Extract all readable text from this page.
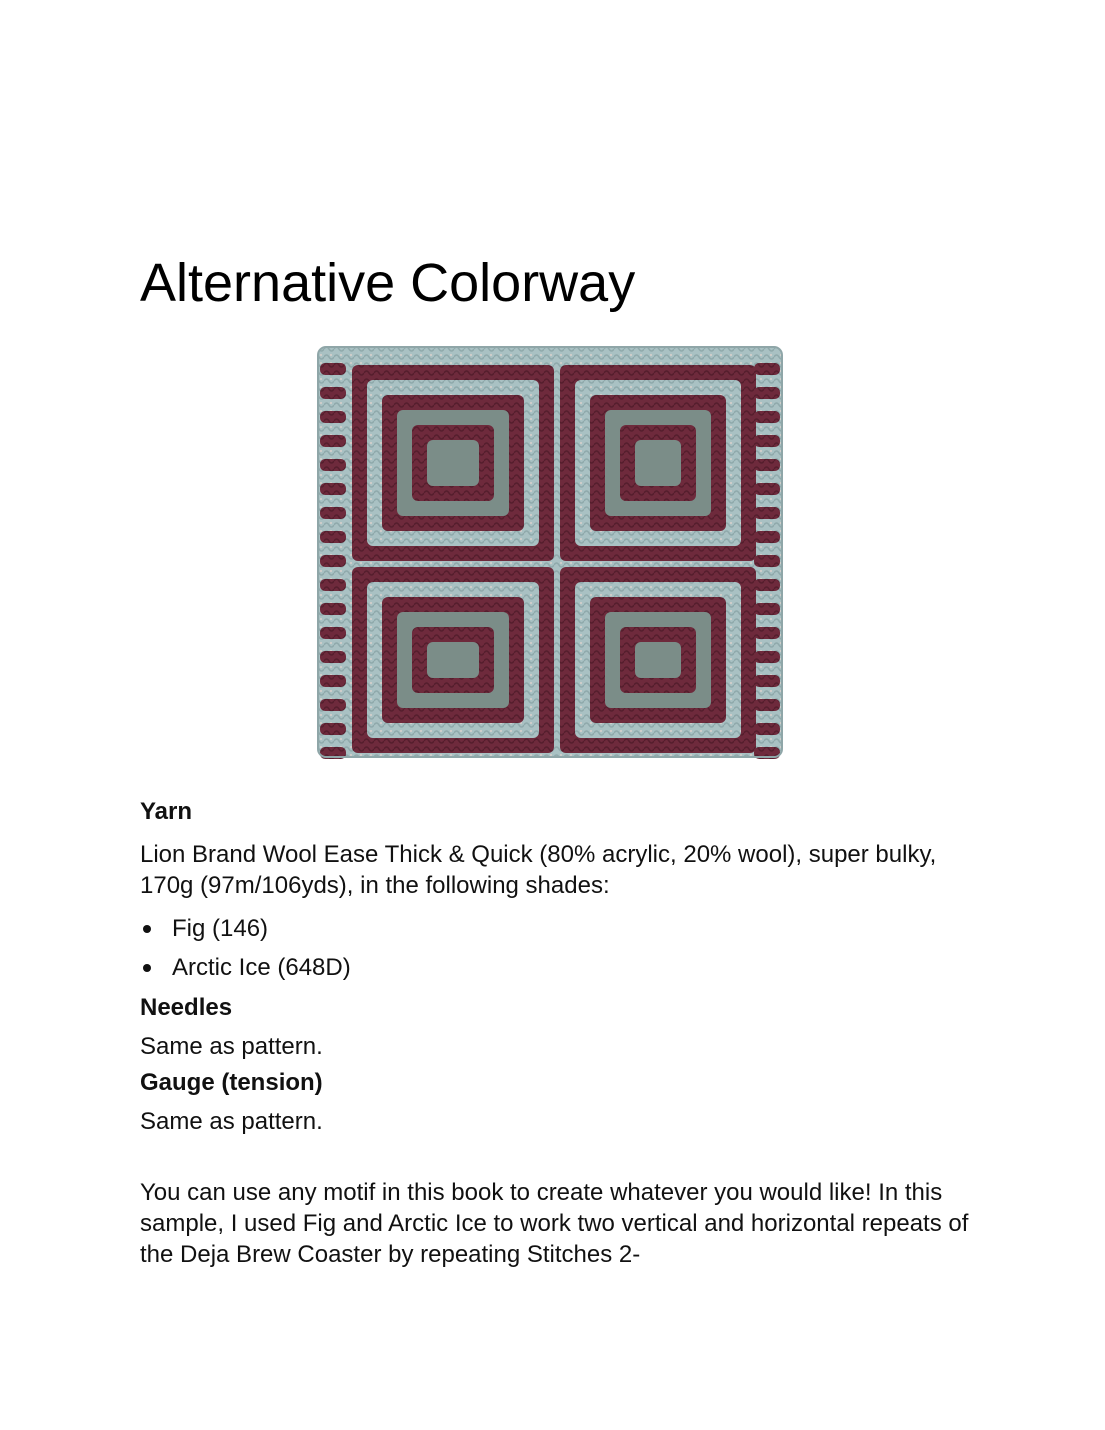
Alternative Colorway

Yarn

Lion Brand Wool Ease Thick & Quick (80% acrylic, 20% wool), super bulky, 170g (97m/106yds), in the following shades:

Fig (146)
Arctic Ice (648D)

Needles

Same as pattern.

Gauge (tension)

Same as pattern.

You can use any motif in this book to create whatever you would like! In this sample, I used Fig and Arctic Ice to work two vertical and horizontal repeats of the Deja Brew Coaster by repeating Stitches 2-
